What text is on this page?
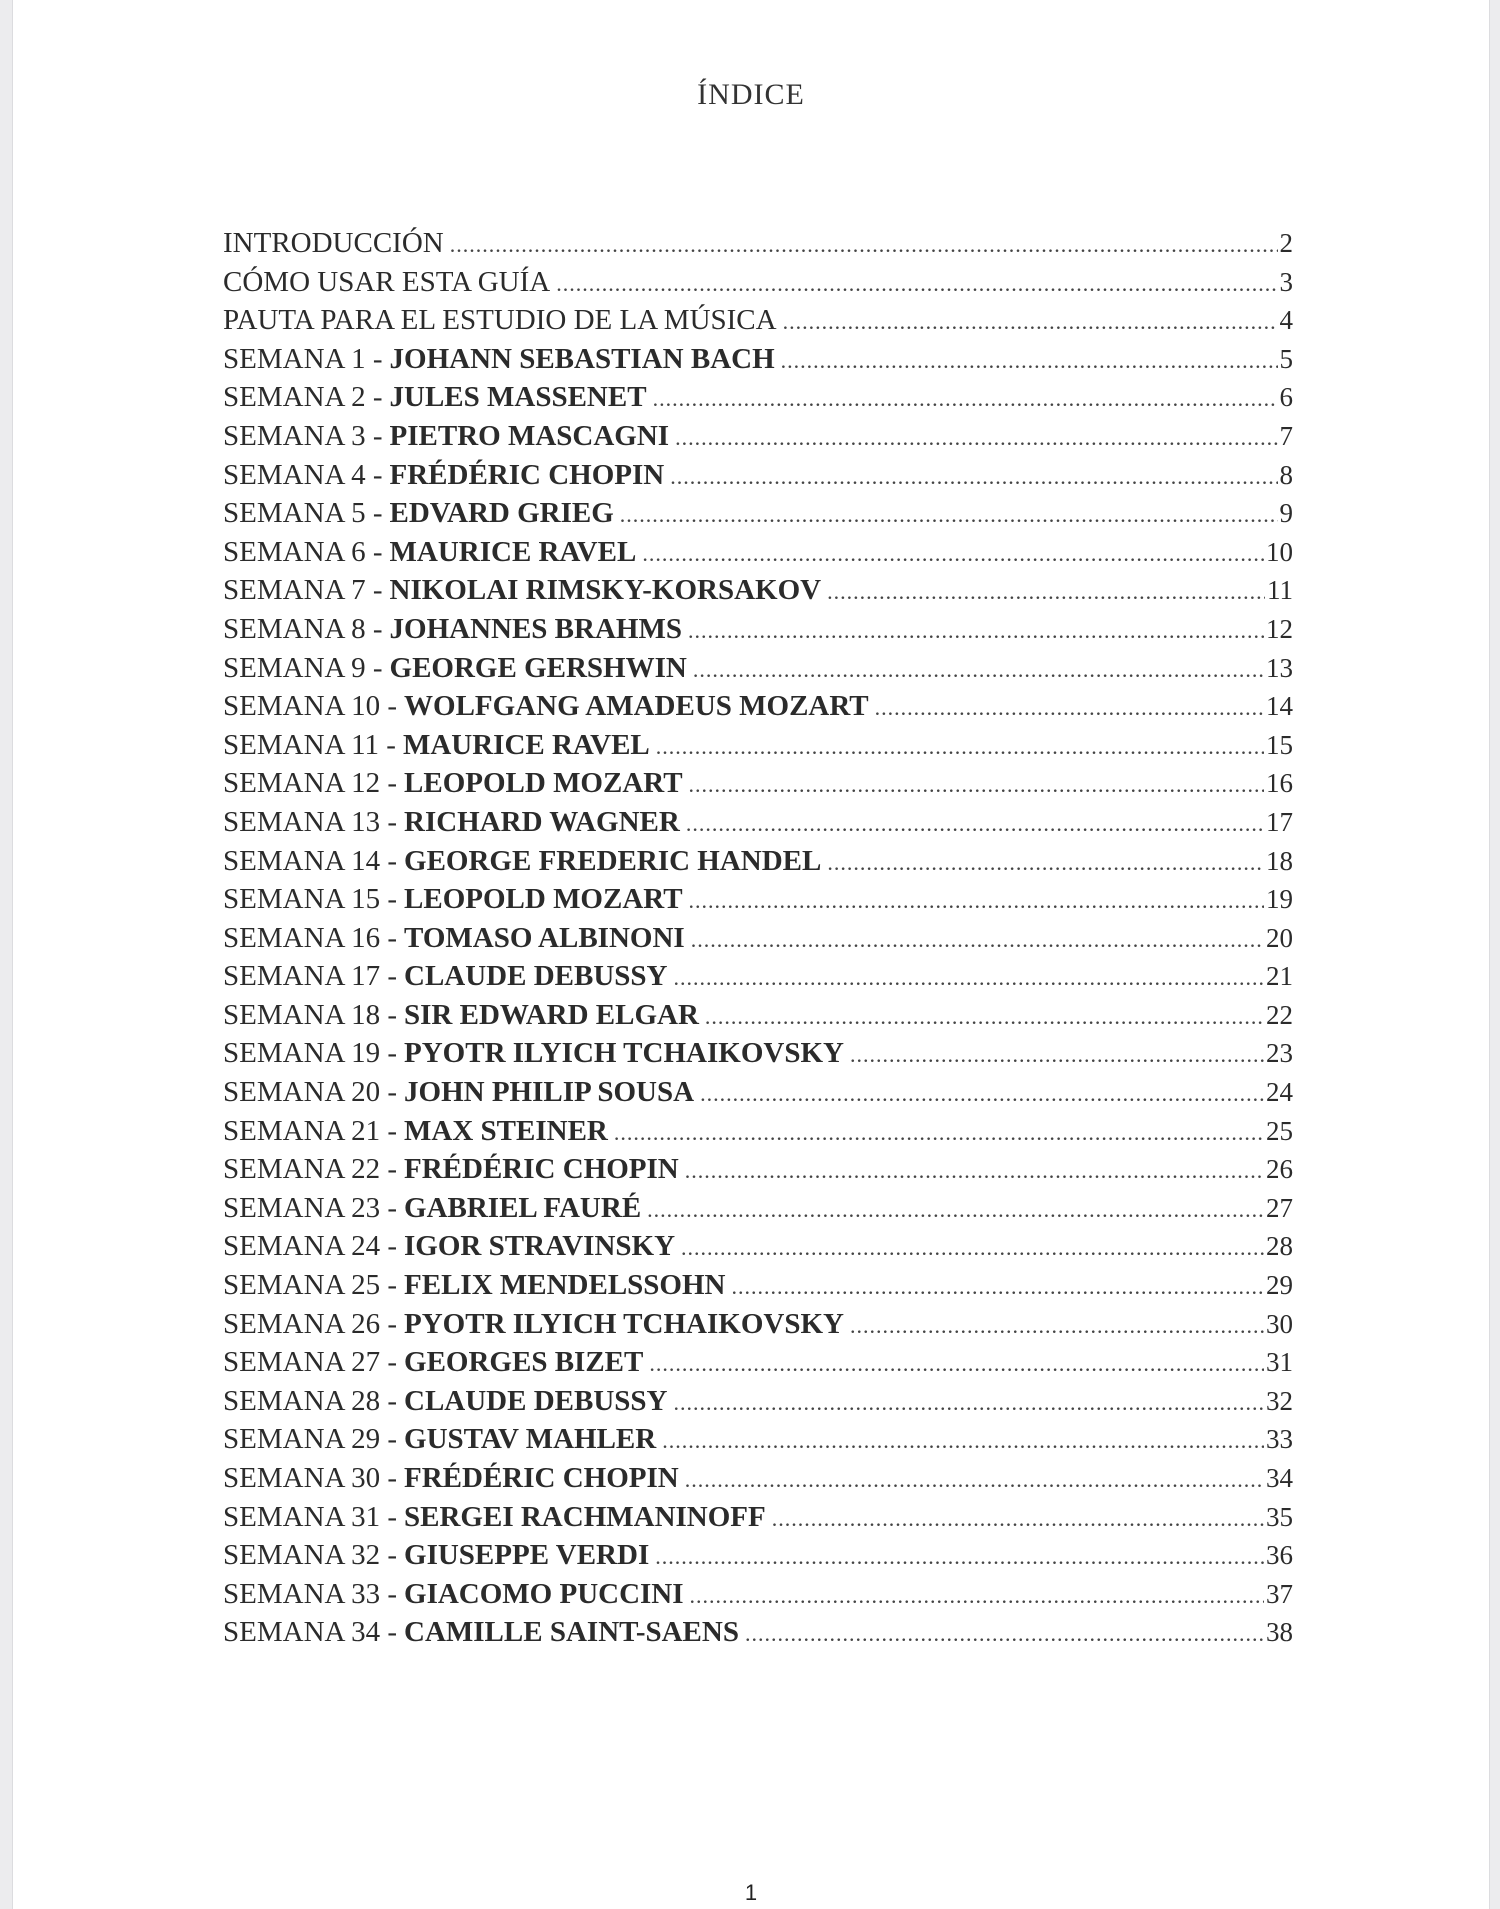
ÍNDICE
INTRODUCCIÓN .....	2
CÓMO USAR ESTA GUÍA .....	3
PAUTA PARA EL ESTUDIO DE LA MÚSICA .....	4
SEMANA 1 - JOHANN SEBASTIAN BACH .....	5
SEMANA 2 - JULES MASSENET .....	6
SEMANA 3 - PIETRO MASCAGNI .....	7
SEMANA 4 - FRÉDÉRIC CHOPIN .....	8
SEMANA 5 - EDVARD GRIEG .....	9
SEMANA 6 - MAURICE RAVEL .....	10
SEMANA 7 - NIKOLAI RIMSKY-KORSAKOV .....	11
SEMANA 8 - JOHANNES BRAHMS .....	12
SEMANA 9 - GEORGE GERSHWIN .....	13
SEMANA 10 - WOLFGANG AMADEUS MOZART .....	14
SEMANA 11 - MAURICE RAVEL .....	15
SEMANA 12 - LEOPOLD MOZART .....	16
SEMANA 13 - RICHARD WAGNER .....	17
SEMANA 14 - GEORGE FREDERIC HANDEL .....	18
SEMANA 15 - LEOPOLD MOZART .....	19
SEMANA 16 - TOMASO ALBINONI .....	20
SEMANA 17 - CLAUDE DEBUSSY .....	21
SEMANA 18 - SIR EDWARD ELGAR .....	22
SEMANA 19 - PYOTR ILYICH TCHAIKOVSKY .....	23
SEMANA 20 - JOHN PHILIP SOUSA .....	24
SEMANA 21 - MAX STEINER .....	25
SEMANA 22 - FRÉDÉRIC CHOPIN .....	26
SEMANA 23 - GABRIEL FAURÉ .....	27
SEMANA 24 - IGOR STRAVINSKY .....	28
SEMANA 25 - FELIX MENDELSSOHN .....	29
SEMANA 26 - PYOTR ILYICH TCHAIKOVSKY .....	30
SEMANA 27 - GEORGES BIZET .....	31
SEMANA 28 - CLAUDE DEBUSSY .....	32
SEMANA 29 - GUSTAV MAHLER .....	33
SEMANA 30 - FRÉDÉRIC CHOPIN .....	34
SEMANA 31 - SERGEI RACHMANINOFF .....	35
SEMANA 32 - GIUSEPPE VERDI .....	36
SEMANA 33 - GIACOMO PUCCINI .....	37
SEMANA 34 - CAMILLE SAINT-SAENS .....	38
1
